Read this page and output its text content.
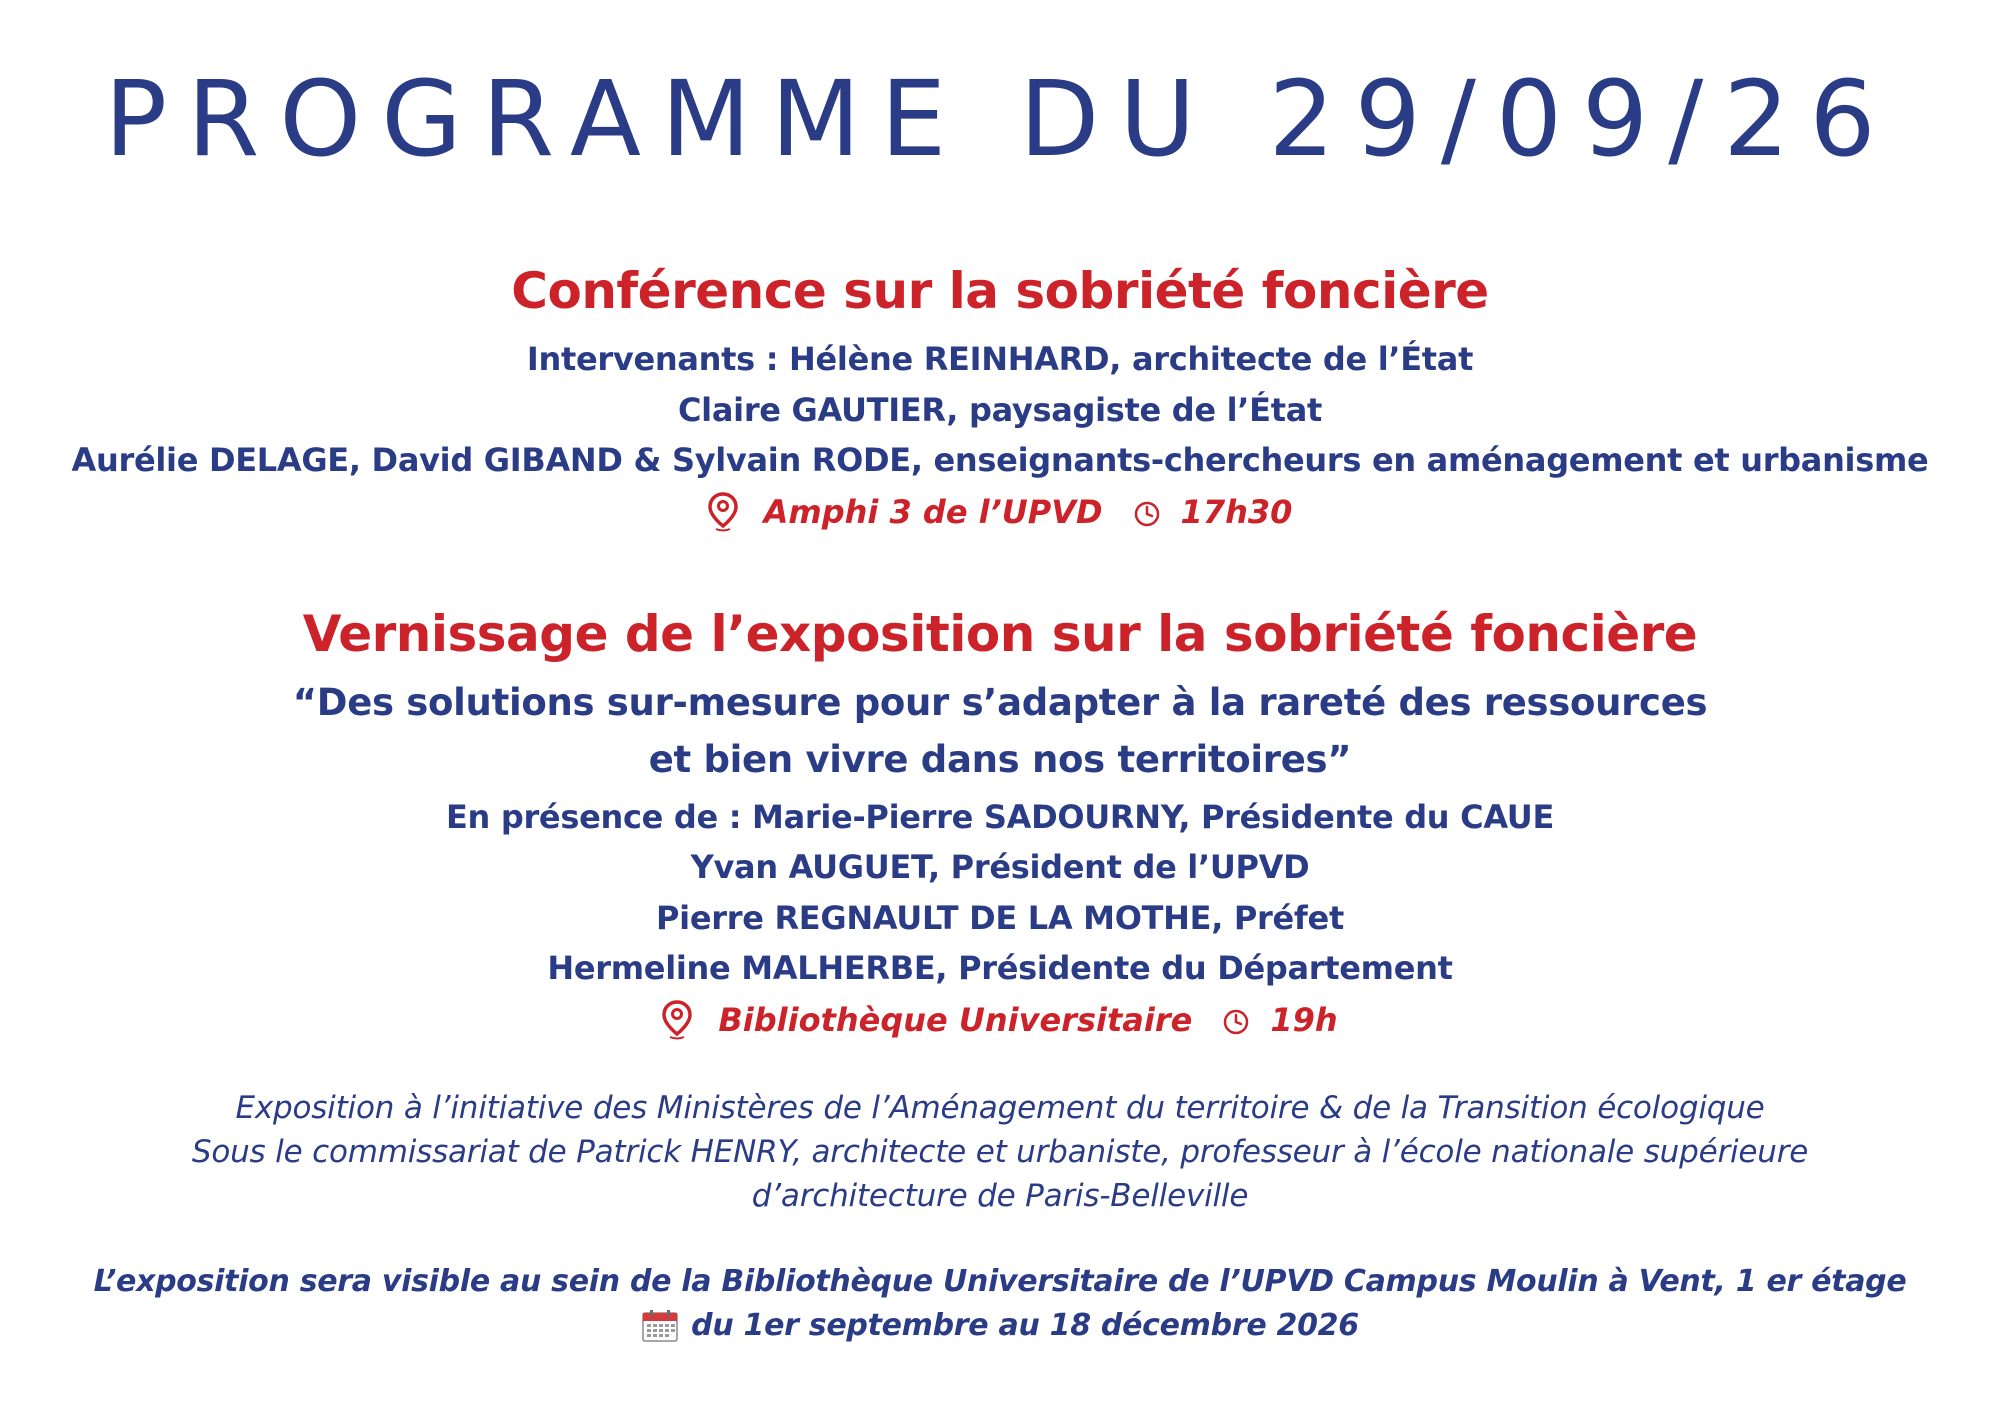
PROGRAMME DU 29/09/26
Conférence sur la sobriété foncière
Intervenants : Hélène REINHARD, architecte de l’État
Claire GAUTIER, paysagiste de l’État
Aurélie DELAGE, David GIBAND & Sylvain RODE, enseignants-chercheurs en aménagement et urbanisme
Amphi 3 de l’UPVD 17h30
Vernissage de l’exposition sur la sobriété foncière
“Des solutions sur-mesure pour s’adapter à la rareté des ressources
et bien vivre dans nos territoires”
En présence de : Marie-Pierre SADOURNY, Présidente du CAUE
Yvan AUGUET, Président de l’UPVD
Pierre REGNAULT DE LA MOTHE, Préfet
Hermeline MALHERBE, Présidente du Département
Bibliothèque Universitaire 19h
Exposition à l’initiative des Ministères de l’Aménagement du territoire & de la Transition écologique
Sous le commissariat de Patrick HENRY, architecte et urbaniste, professeur à l’école nationale supérieure
d’architecture de Paris-Belleville
L’exposition sera visible au sein de la Bibliothèque Universitaire de l’UPVD Campus Moulin à Vent, 1 er étage
du 1er septembre au 18 décembre 2026
